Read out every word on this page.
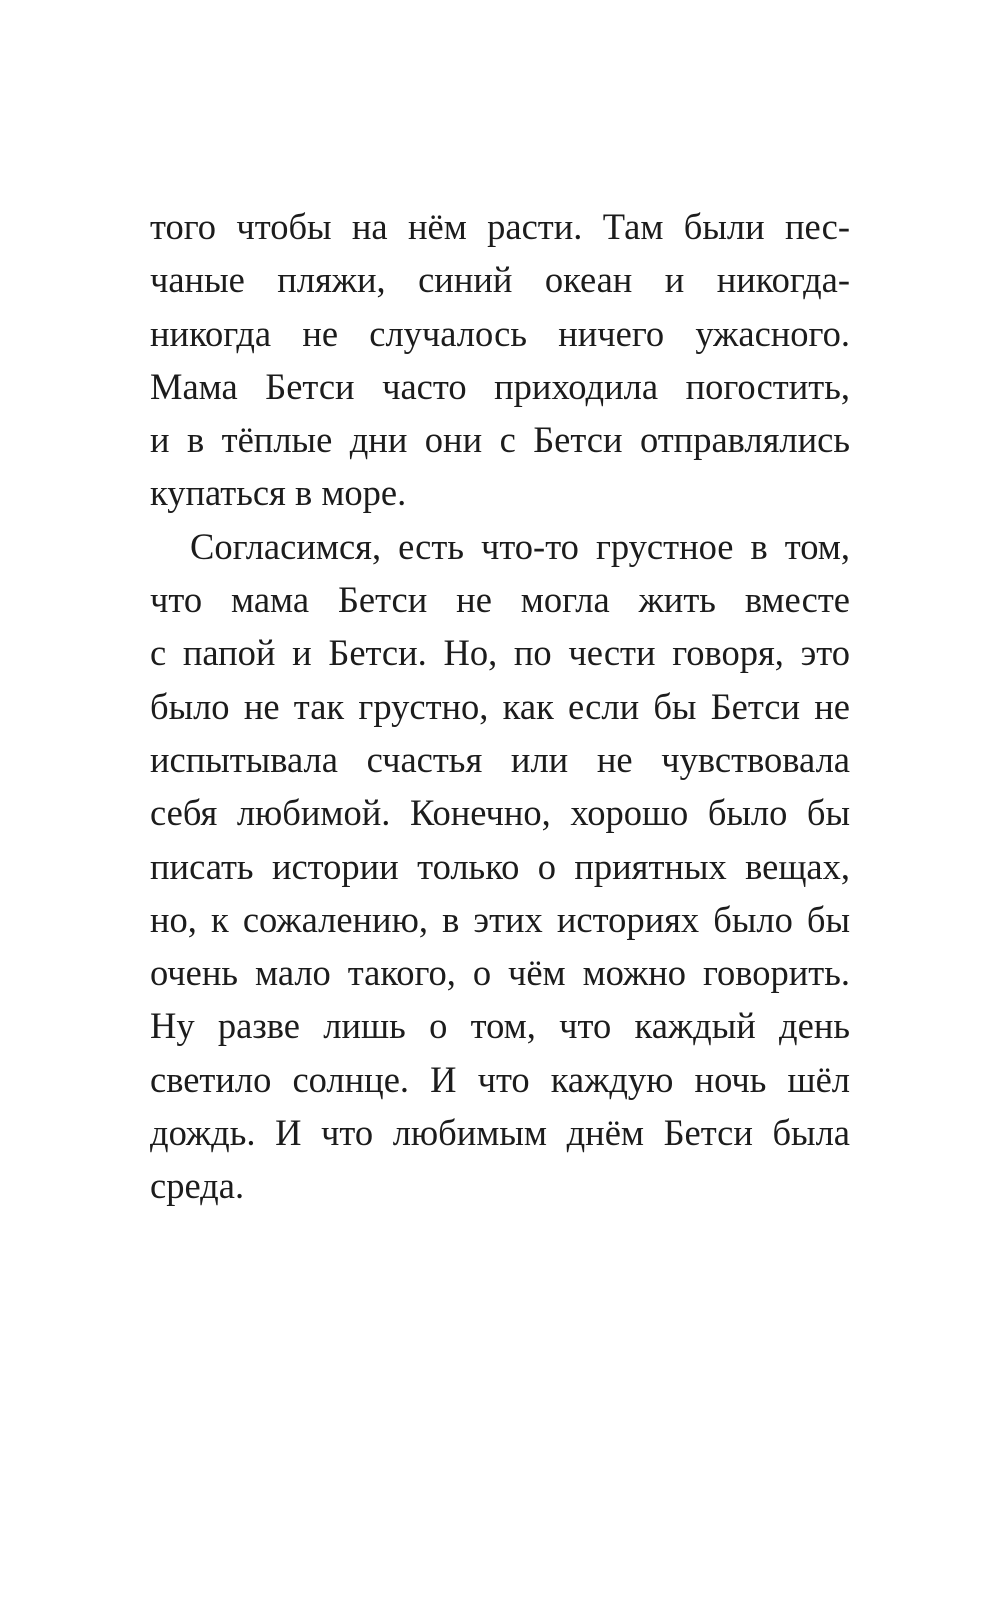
того чтобы на нём расти. Там были пес-
чаные пляжи, синий океан и никогда-
никогда не случалось ничего ужасного.
Мама Бетси часто приходила погостить,
и в тёплые дни они с Бетси отправлялись
купаться в море.
Согласимся, есть что-то грустное в том,
что мама Бетси не могла жить вместе
с папой и Бетси. Но, по чести говоря, это
было не так грустно, как если бы Бетси не
испытывала счастья или не чувствовала
себя любимой. Конечно, хорошо было бы
писать истории только о приятных вещах,
но, к сожалению, в этих историях было бы
очень мало такого, о чём можно говорить.
Ну разве лишь о том, что каждый день
светило солнце. И что каждую ночь шёл
дождь. И что любимым днём Бетси была
среда.
